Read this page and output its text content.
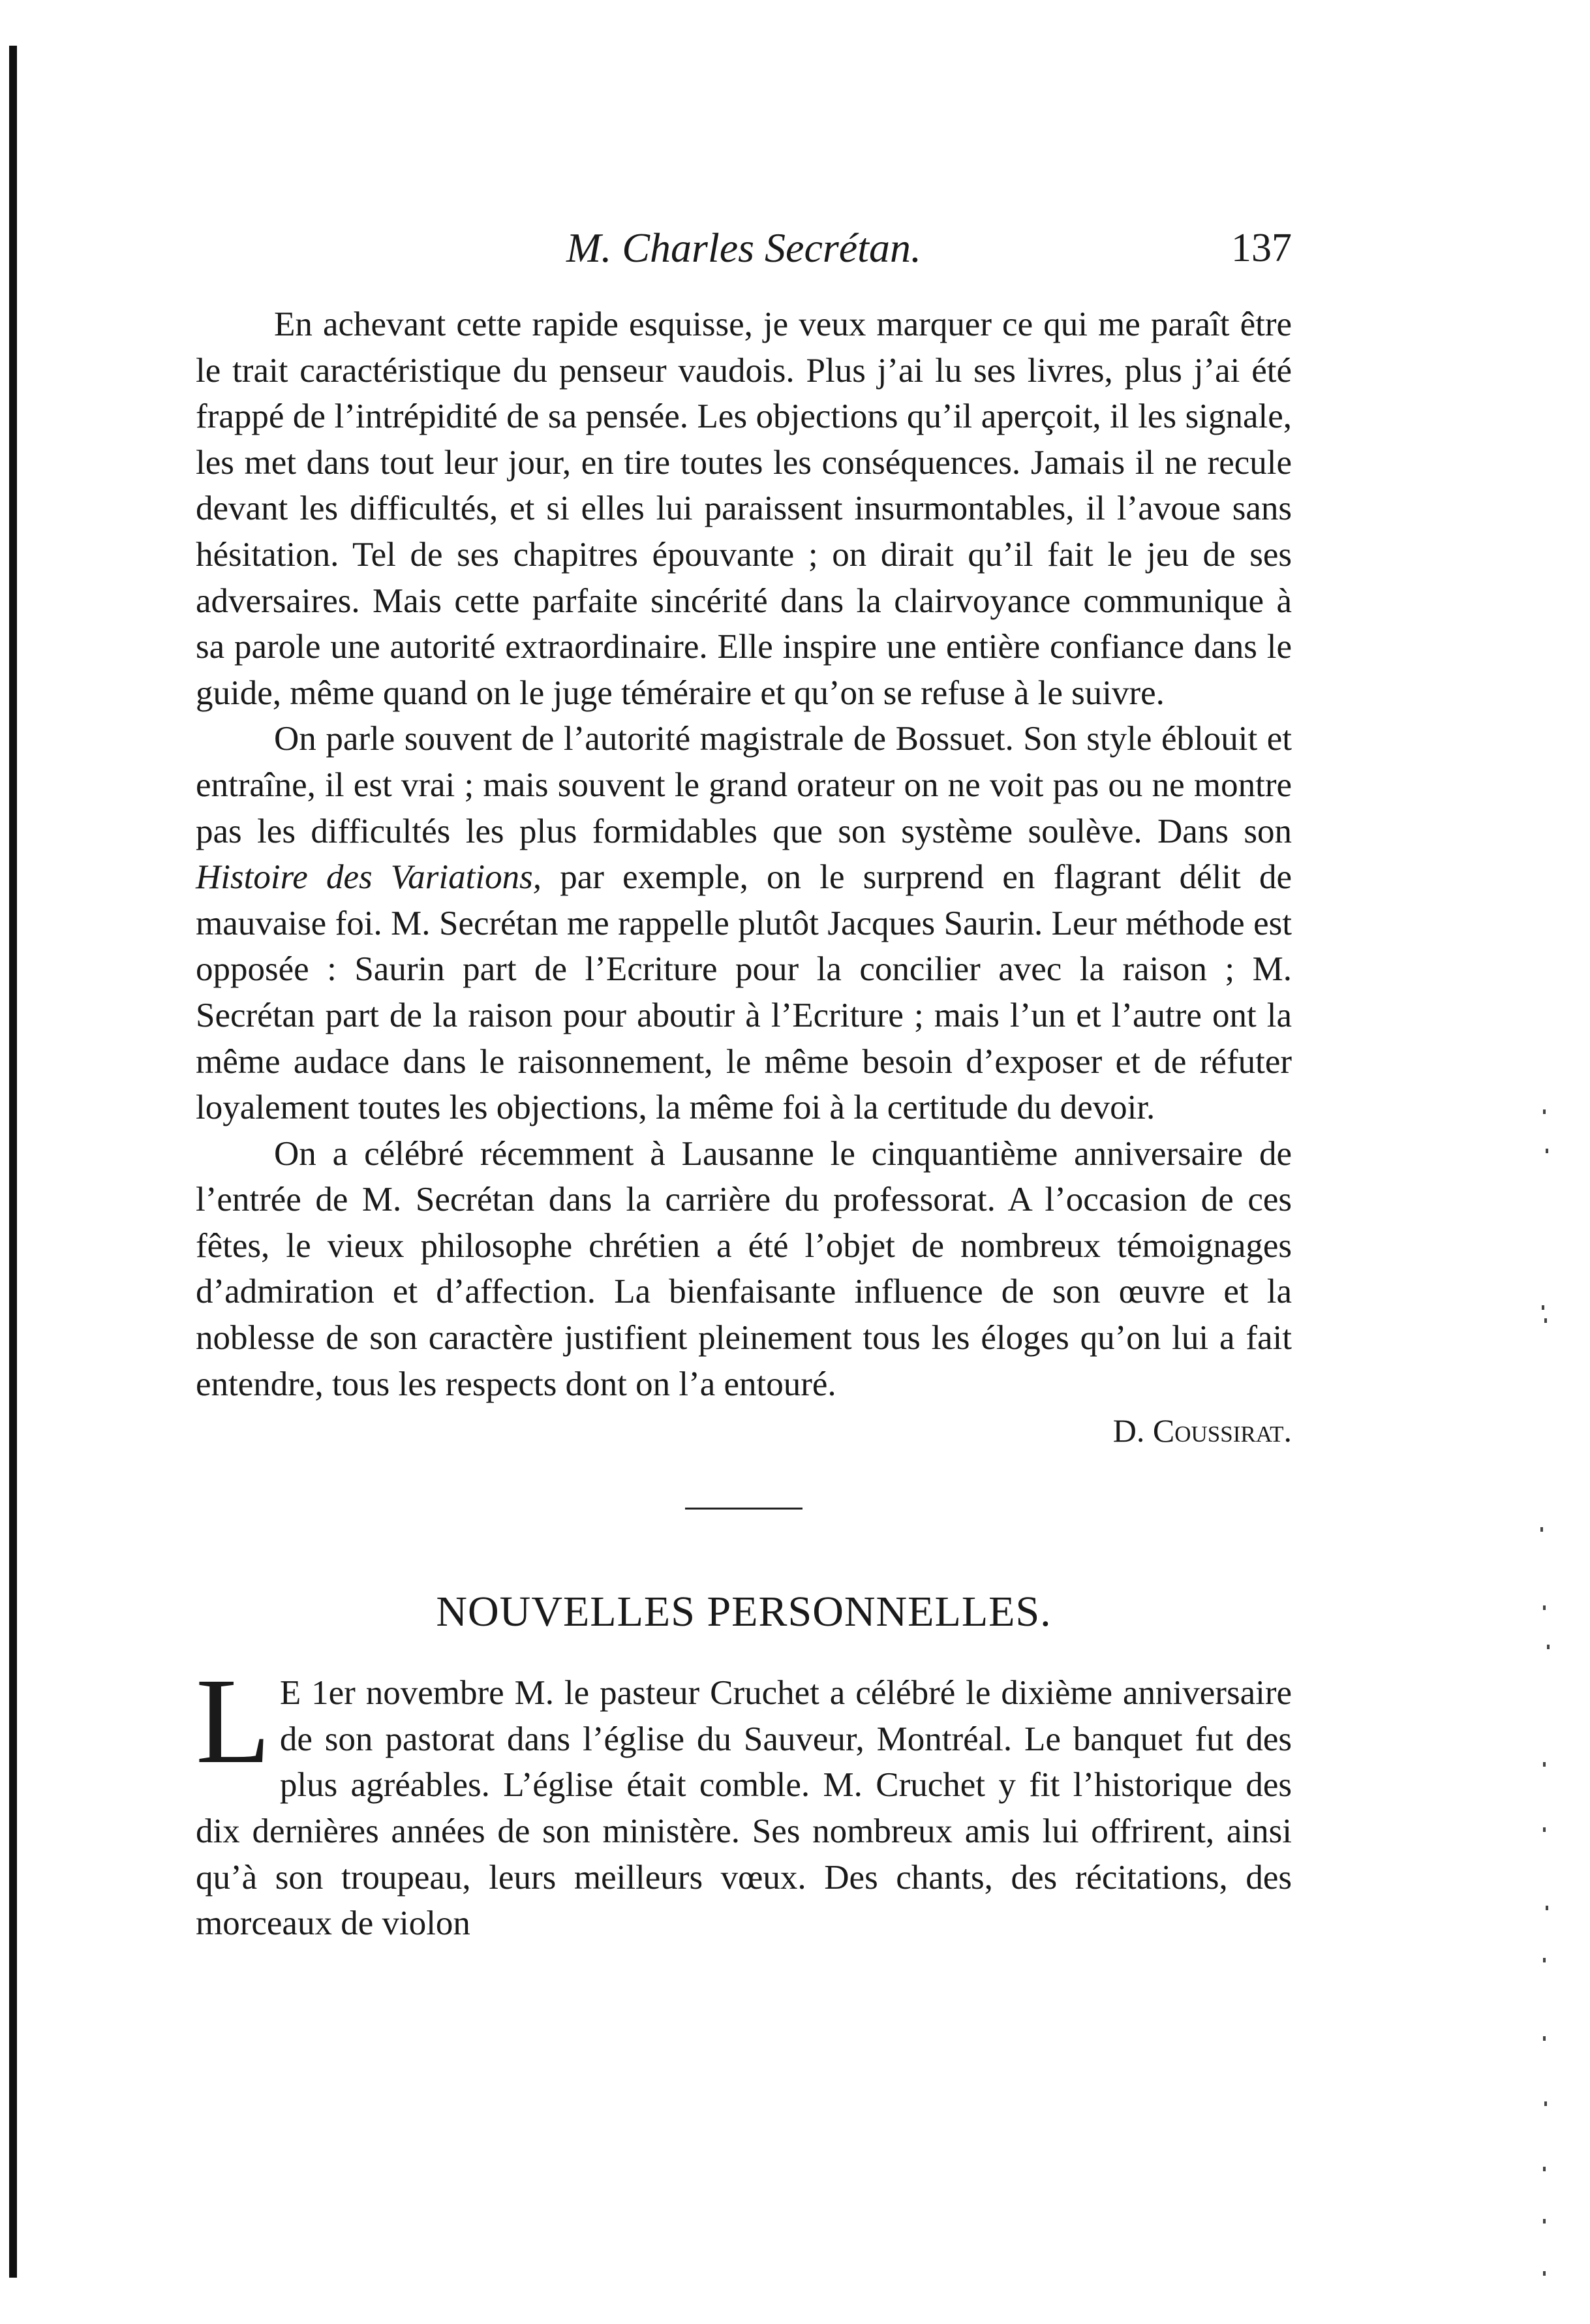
M. Charles Secrétan.	137

En achevant cette rapide esquisse, je veux marquer ce qui me paraît être le trait caractéristique du penseur vaudois. Plus j’ai lu ses livres, plus j’ai été frappé de l’intrépidité de sa pensée. Les objections qu’il aperçoit, il les signale, les met dans tout leur jour, en tire toutes les conséquences. Jamais il ne recule devant les difficultés, et si elles lui paraissent insurmontables, il l’avoue sans hésitation. Tel de ses chapitres épouvante ; on dirait qu’il fait le jeu de ses adversaires. Mais cette parfaite sincérité dans la clairvoyance communique à sa parole une autorité extraordinaire. Elle inspire une entière confiance dans le guide, même quand on le juge téméraire et qu’on se refuse à le suivre.

On parle souvent de l’autorité magistrale de Bossuet. Son style éblouit et entraîne, il est vrai ; mais souvent le grand orateur on ne voit pas ou ne montre pas les difficultés les plus formidables que son système soulève. Dans son Histoire des Variations, par exemple, on le surprend en flagrant délit de mauvaise foi. M. Secrétan me rappelle plutôt Jacques Saurin. Leur méthode est opposée : Saurin part de l’Ecriture pour la concilier avec la raison ; M. Secrétan part de la raison pour aboutir à l’Ecriture ; mais l’un et l’autre ont la même audace dans le raisonnement, le même besoin d’exposer et de réfuter loyalement toutes les objections, la même foi à la certitude du devoir.

On a célébré récemment à Lausanne le cinquantième anniversaire de l’entrée de M. Secrétan dans la carrière du professorat. A l’occasion de ces fêtes, le vieux philosophe chrétien a été l’objet de nombreux témoignages d’admiration et d’affection. La bienfaisante influence de son œuvre et la noblesse de son caractère justifient pleinement tous les éloges qu’on lui a fait entendre, tous les respects dont on l’a entouré.

D. Coussirat.

NOUVELLES PERSONNELLES.

L E 1er novembre M. le pasteur Cruchet a célébré le dixième anniversaire de son pastorat dans l’église du Sauveur, Montréal. Le banquet fut des plus agréables. L’église était comble. M. Cruchet y fit l’historique des dix dernières années de son ministère. Ses nombreux amis lui offrirent, ainsi qu’à son troupeau, leurs meilleurs vœux. Des chants, des récitations, des morceaux de violon
